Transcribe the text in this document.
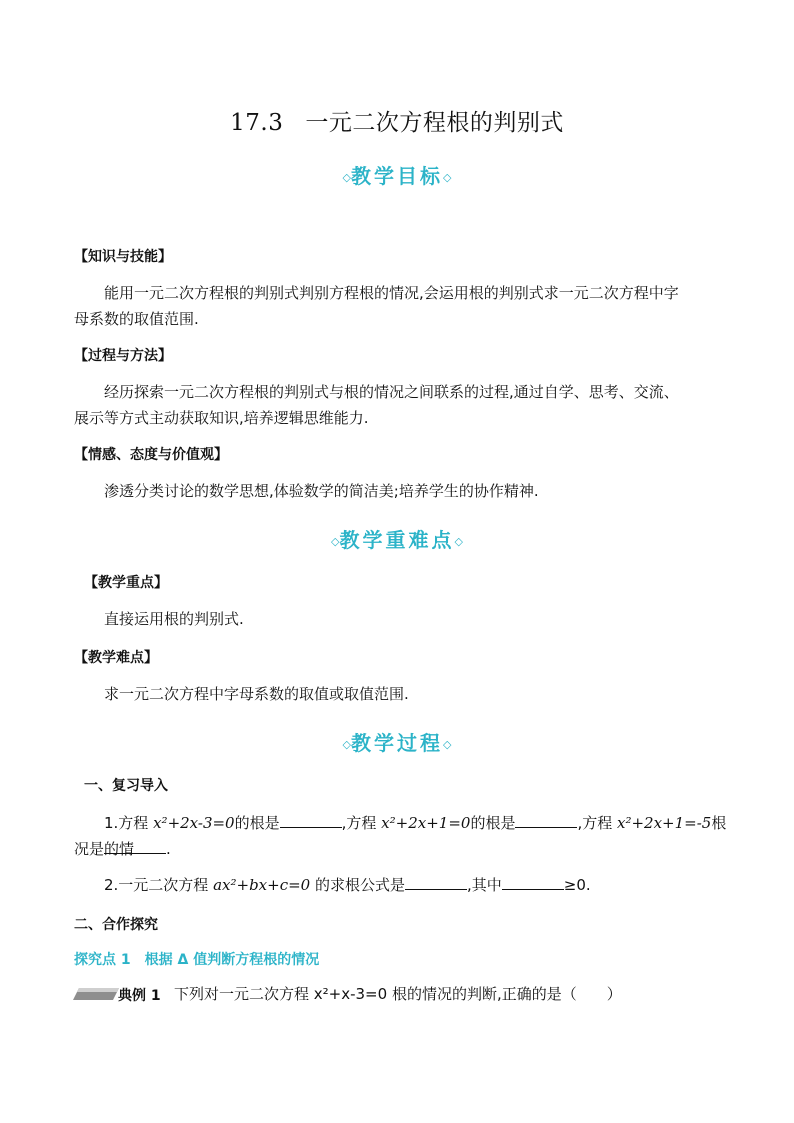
17.3 一元二次方程根的判别式
◇教学目标◇
【知识与技能】
能用一元二次方程根的判别式判别方程根的情况,会运用根的判别式求一元二次方程中字
母系数的取值范围.
【过程与方法】
经历探索一元二次方程根的判别式与根的情况之间联系的过程,通过自学、思考、交流、
展示等方式主动获取知识,培养逻辑思维能力.
【情感、态度与价值观】
渗透分类讨论的数学思想,体验数学的简洁美;培养学生的协作精神.
◇教学重难点◇
【教学重点】
直接运用根的判别式.
【教学难点】
求一元二次方程中字母系数的取值或取值范围.
◇教学过程◇
一、复习导入
1.方程 x²+2x-3=0的根是	,方程 x²+2x+1=0的根是	,方程 x²+2x+1=-5根的情
况是	.
2.一元二次方程 ax²+bx+c=0 的求根公式是	,其中	≥0.
二、合作探究
探究点 1　根据 Δ 值判断方程根的情况
典例 1 下列对一元二次方程 x²+x-3=0 根的情况的判断,正确的是（　　）
